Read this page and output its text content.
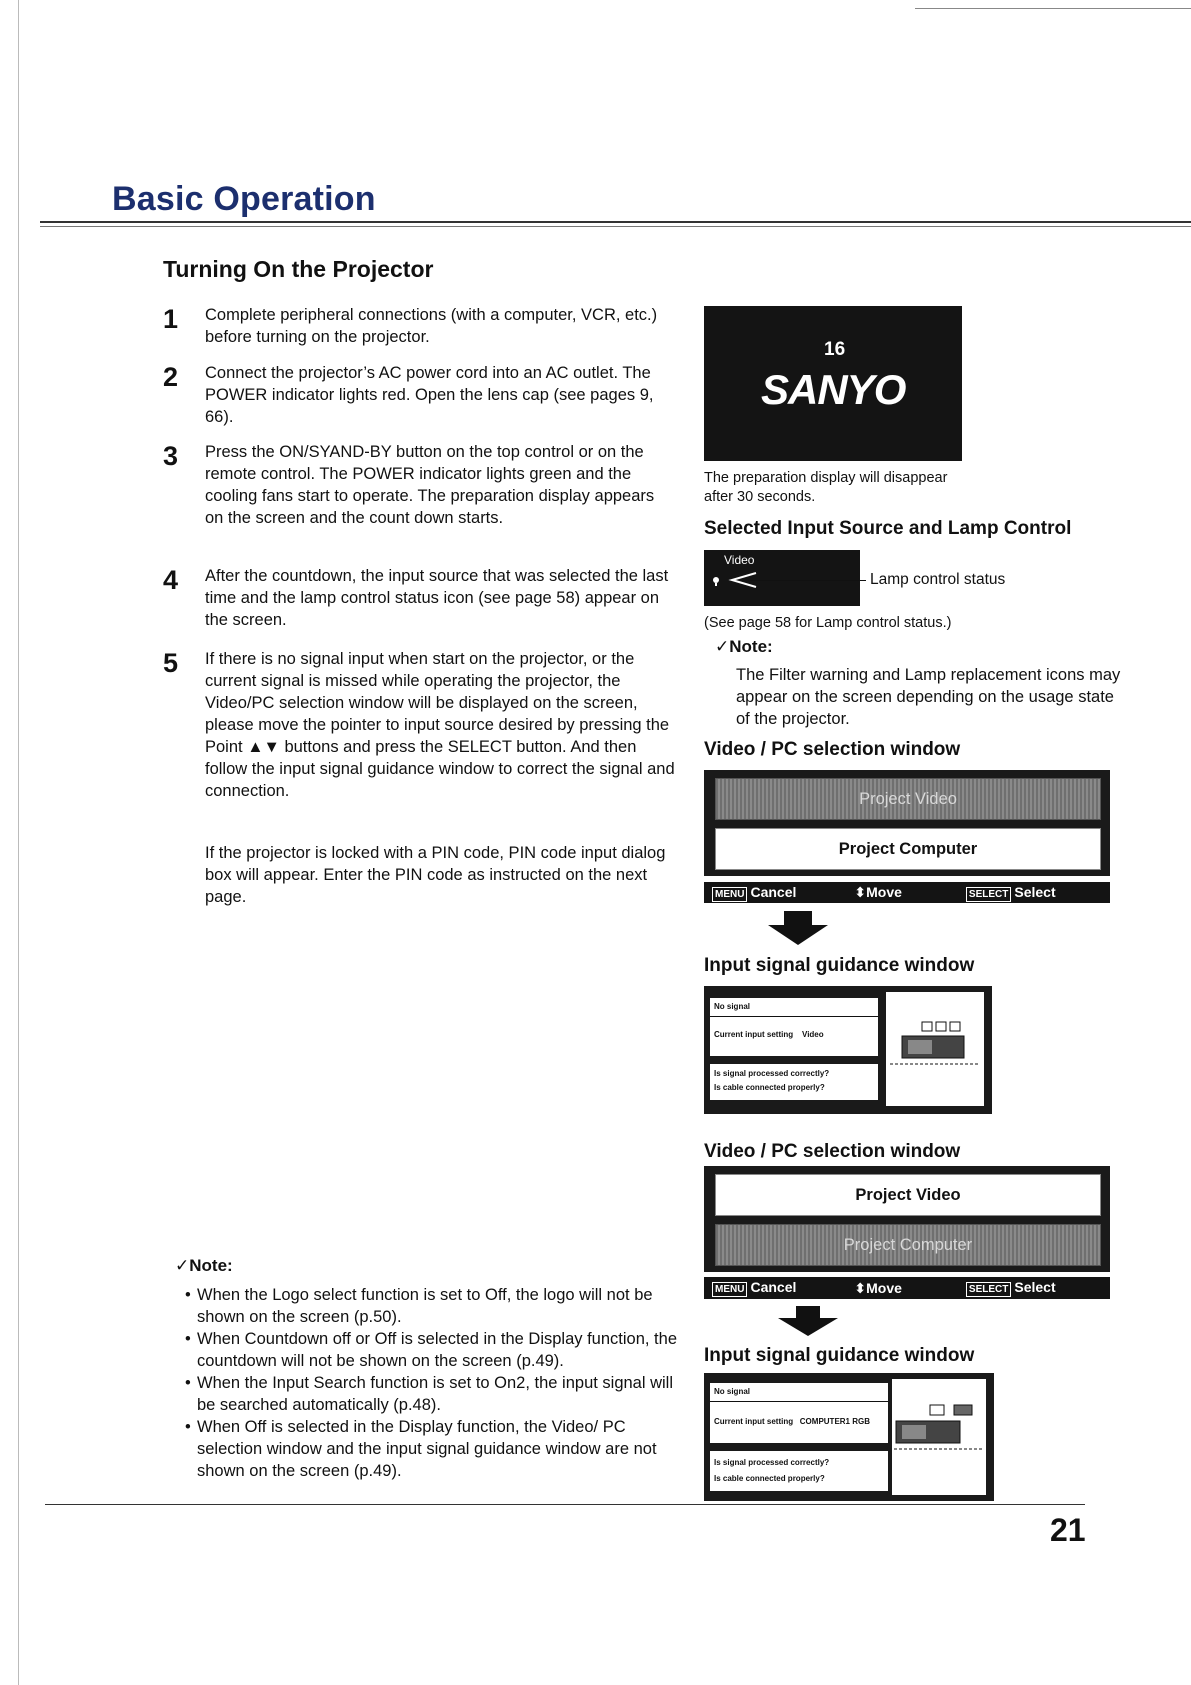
Basic Operation
Turning On the Projector
1 Complete peripheral connections (with a computer, VCR, etc.) before turning on the projector.
2 Connect the projector’s AC power cord into an AC outlet. The POWER indicator lights red. Open the lens cap (see pages 9, 66).
3 Press the ON/SYAND-BY button on the top control or on the remote control. The POWER indicator lights green and the cooling fans start to operate. The preparation display appears on the screen and the count down starts.
4 After the countdown, the input source that was selected the last time and the lamp control status icon (see page 58) appear on the screen.
5 If there is no signal input when start on the projector, or the current signal is missed while operating the projector, the Video/PC selection window will be displayed on the screen, please move the pointer to input source desired by pressing the Point ▲▼ buttons and press the SELECT button. And then follow the input signal guidance window to correct the signal and connection.
If the projector is locked with a PIN code, PIN code input dialog box will appear. Enter the PIN code as instructed on the next page.
✓Note:
• When the Logo select function is set to Off, the logo will not be shown on the screen (p.50).
• When Countdown off or Off is selected in the Display function, the countdown will not be shown on the screen (p.49).
• When the Input Search function is set to On2, the input signal will be searched automatically (p.48).
• When Off is selected in the Display function, the Video/ PC selection window and the input signal guidance window are not shown on the screen (p.49).
16
SANYO
The preparation display will disappear
after 30 seconds.
Selected Input Source and Lamp Control
Video
Lamp control status
(See page 58 for Lamp control status.)
✓Note:
The Filter warning and Lamp replacement icons may appear on the screen depending on the usage state of the projector.
Video / PC selection window
Project Video
Project Computer
MENU Cancel	⬍Move	SELECT Select
Input signal guidance window
No signal
Current input setting Video
Is signal processed correctly?
Is cable connected properly?
Video / PC selection window
Project Video
Project Computer
MENU Cancel	⬍Move	SELECT Select
Input signal guidance window
No signal
Current input setting COMPUTER1 RGB
Is signal processed correctly?
Is cable connected properly?
21
